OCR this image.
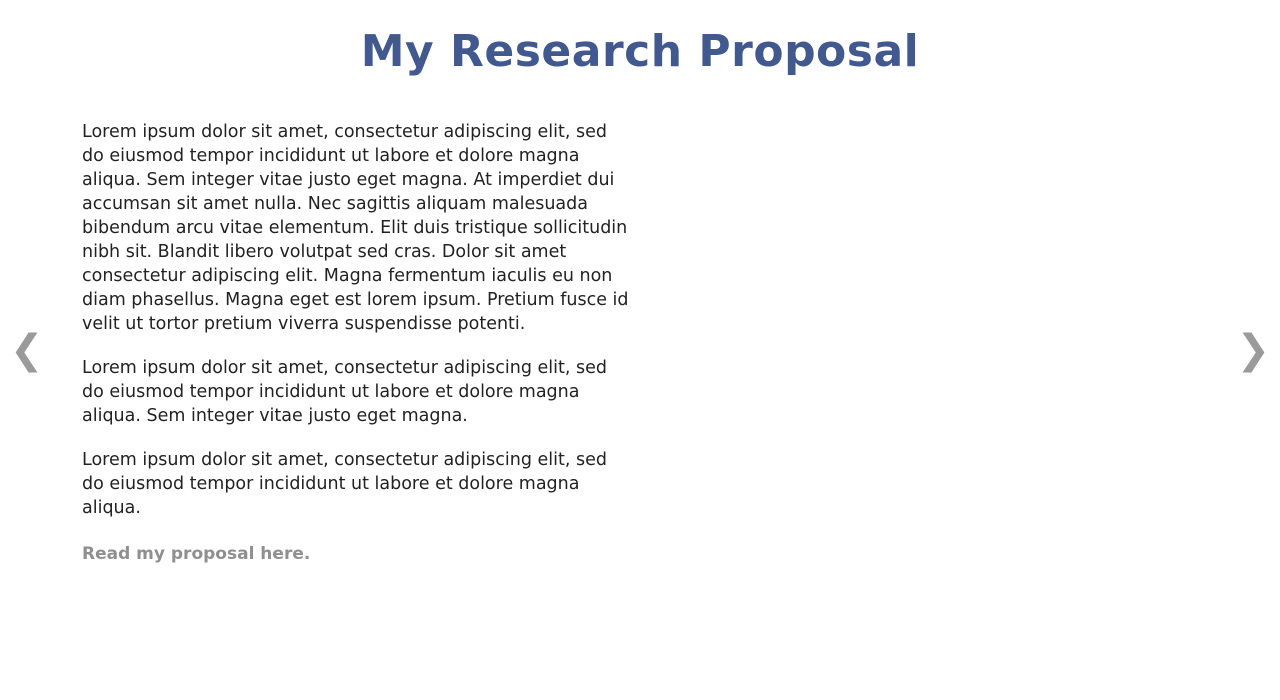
My Research Proposal

Lorem ipsum dolor sit amet, consectetur adipiscing elit, sed do eiusmod tempor incididunt ut labore et dolore magna aliqua. Sem integer vitae justo eget magna. At imperdiet dui accumsan sit amet nulla. Nec sagittis aliquam malesuada bibendum arcu vitae elementum. Elit duis tristique sollicitudin nibh sit. Blandit libero volutpat sed cras. Dolor sit amet consectetur adipiscing elit. Magna fermentum iaculis eu non diam phasellus. Magna eget est lorem ipsum. Pretium fusce id velit ut tortor pretium viverra suspendisse potenti.

Lorem ipsum dolor sit amet, consectetur adipiscing elit, sed do eiusmod tempor incididunt ut labore et dolore magna aliqua. Sem integer vitae justo eget magna.

Lorem ipsum dolor sit amet, consectetur adipiscing elit, sed do eiusmod tempor incididunt ut labore et dolore magna aliqua.

Read my proposal here.
❮	❯
